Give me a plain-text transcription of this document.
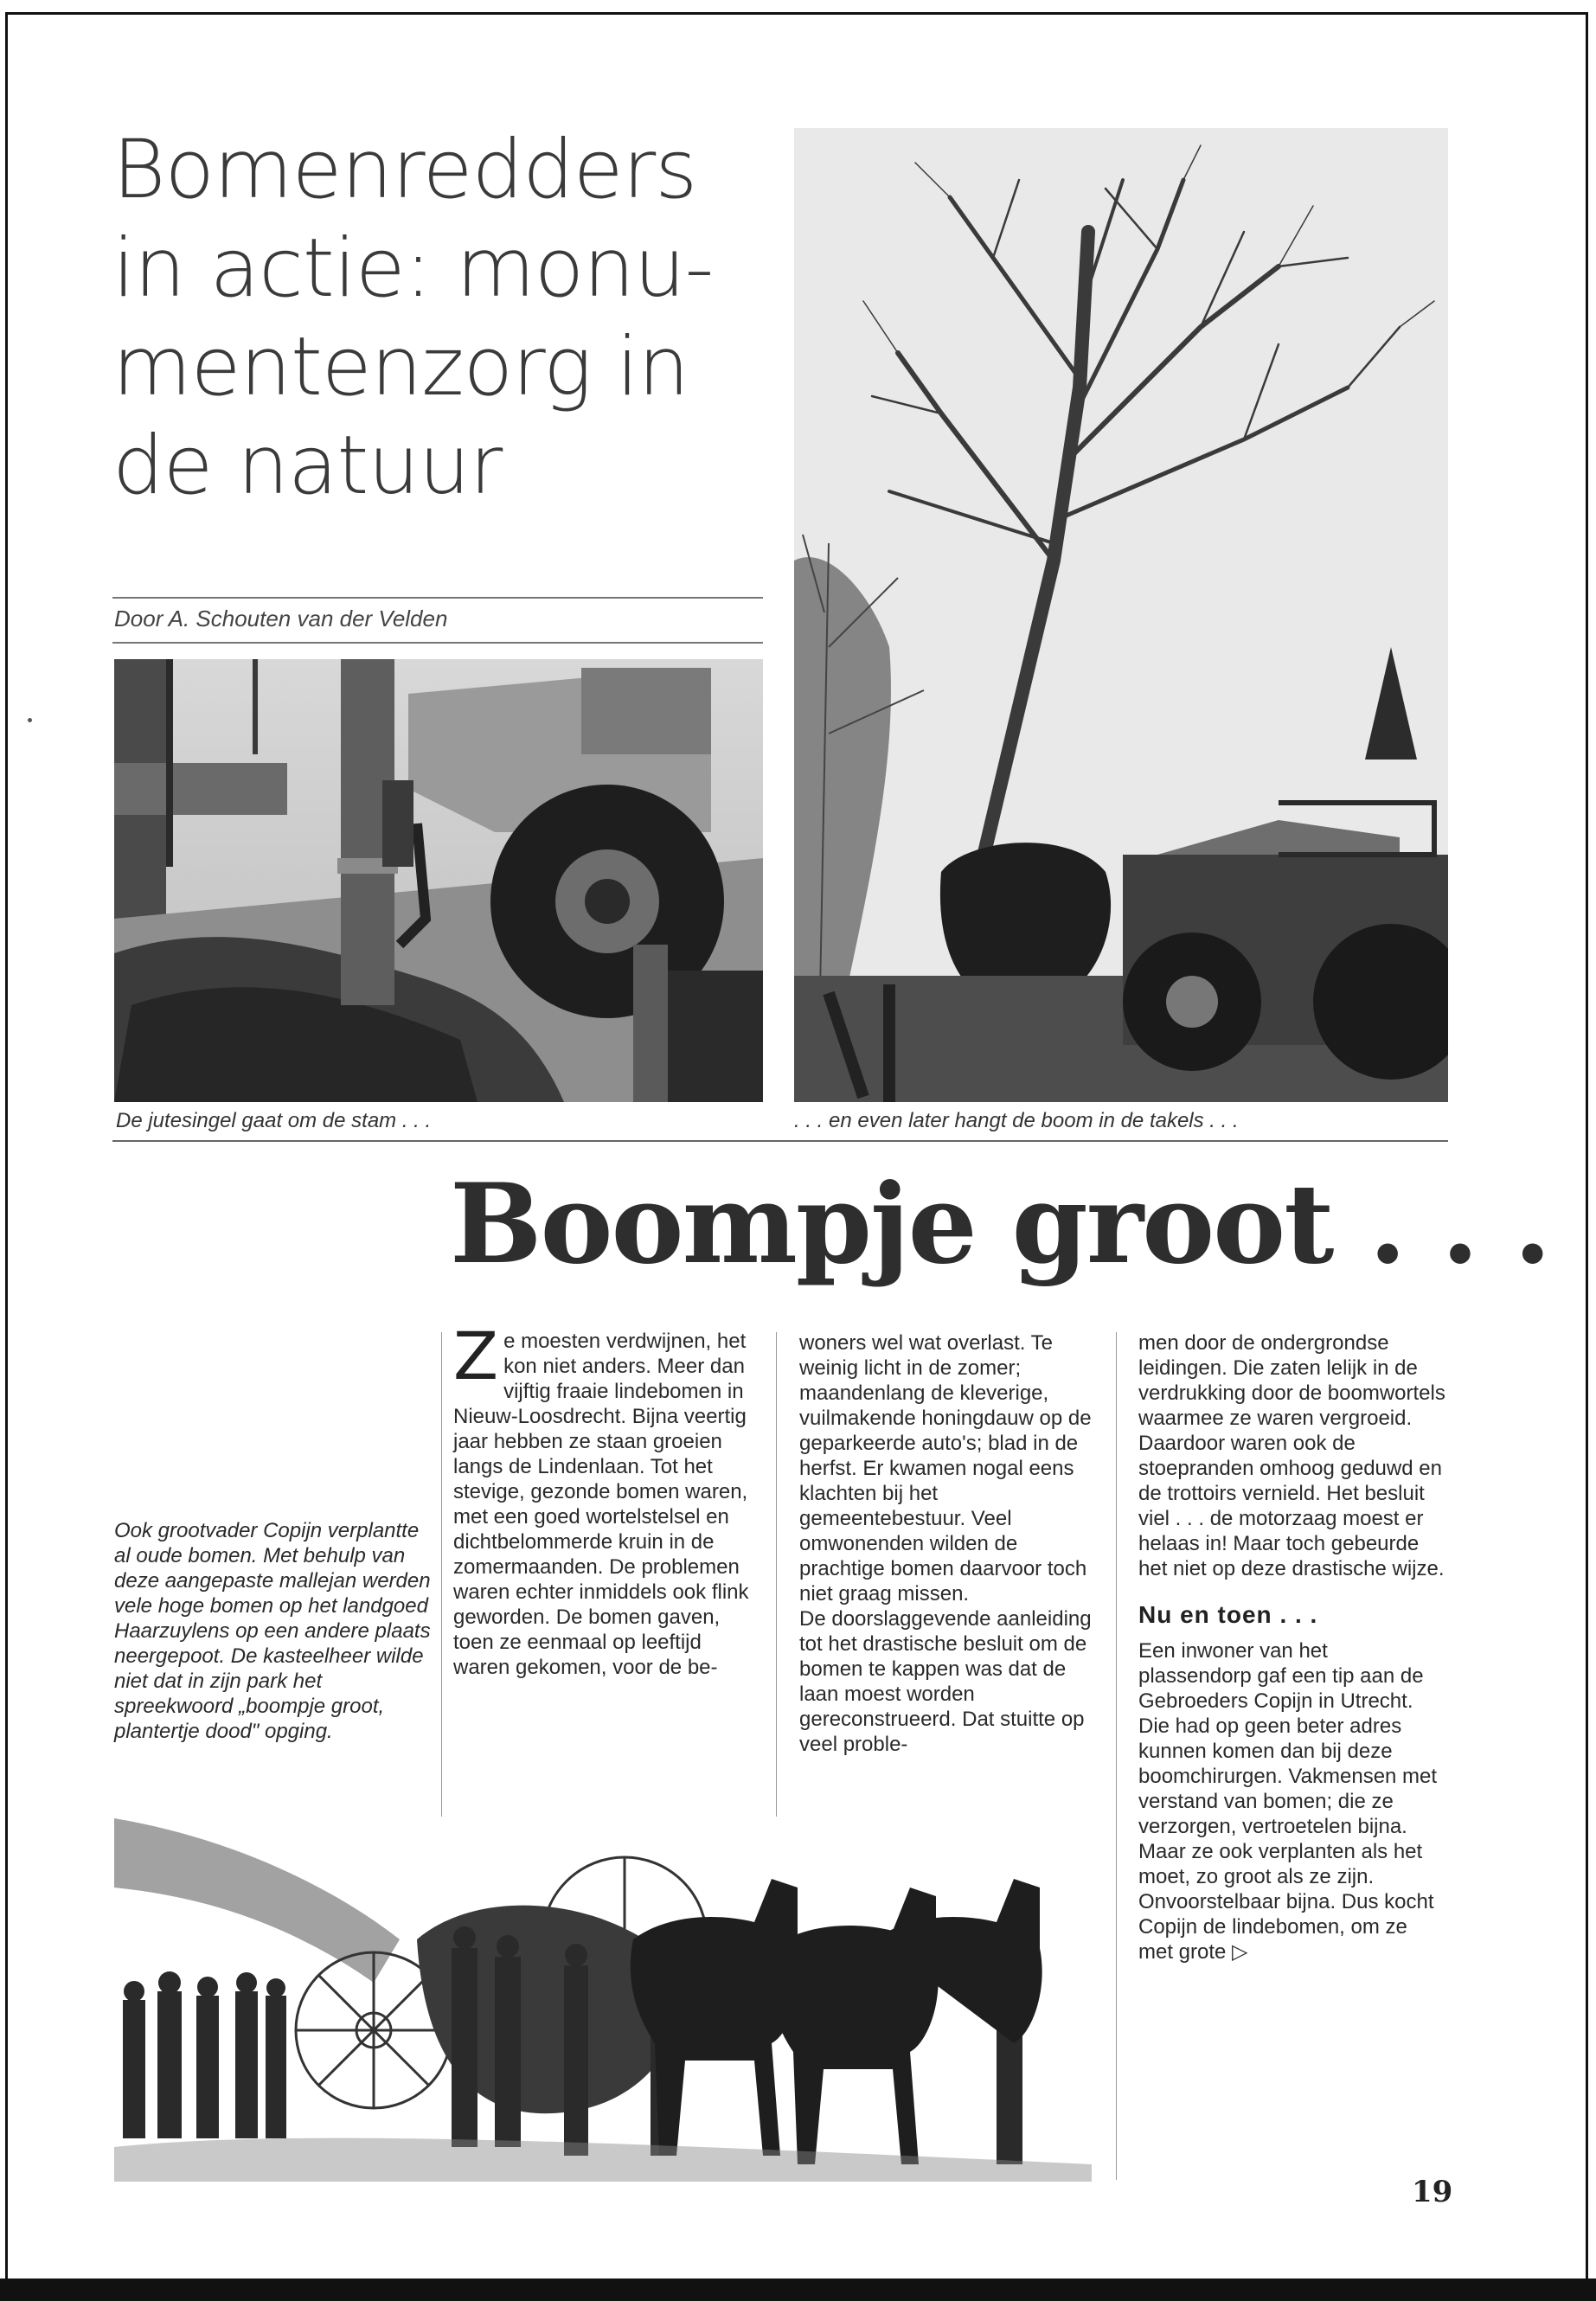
Bomenredders
in actie: monu-
mentenzorg in
de natuur
Door A. Schouten van der Velden
De jutesingel gaat om de stam . . .	. . . en even later hangt de boom in de takels . . .
Boompje groot . . .

Ook grootvader Copijn verplantte al oude bomen. Met behulp van deze aangepaste mallejan werden vele hoge bomen op het landgoed Haarzuylens op een andere plaats neergepoot. De kasteelheer wilde niet dat in zijn park het spreekwoord „boompje groot, plantertje dood" opging.

Ze moesten verdwijnen, het kon niet anders. Meer dan vijftig fraaie lindebomen in Nieuw-Loosdrecht. Bijna veertig jaar hebben ze staan groeien langs de Lindenlaan. Tot het stevige, gezonde bomen waren, met een goed wortelstelsel en dichtbelommerde kruin in de zomermaanden. De problemen waren echter inmiddels ook flink geworden. De bomen gaven, toen ze eenmaal op leeftijd waren gekomen, voor de be-

woners wel wat overlast. Te weinig licht in de zomer; maandenlang de kleverige, vuilmakende honingdauw op de geparkeerde auto's; blad in de herfst. Er kwamen nogal eens klachten bij het gemeentebestuur. Veel omwonenden wilden de prachtige bomen daarvoor toch niet graag missen.

De doorslaggevende aanleiding tot het drastische besluit om de bomen te kappen was dat de laan moest worden gereconstrueerd. Dat stuitte op veel proble-

men door de ondergrondse leidingen. Die zaten lelijk in de verdrukking door de boomwortels waarmee ze waren vergroeid. Daardoor waren ook de stoepranden omhoog geduwd en de trottoirs vernield. Het besluit viel . . . de motorzaag moest er helaas in! Maar toch gebeurde het niet op deze drastische wijze.

Nu en toen . . .

Een inwoner van het plassendorp gaf een tip aan de Gebroeders Copijn in Utrecht. Die had op geen beter adres kunnen komen dan bij deze boomchirurgen. Vakmensen met verstand van bomen; die ze verzorgen, vertroetelen bijna. Maar ze ook verplanten als het moet, zo groot als ze zijn. Onvoorstelbaar bijna. Dus kocht Copijn de lindebomen, om ze met grote ▷

19
